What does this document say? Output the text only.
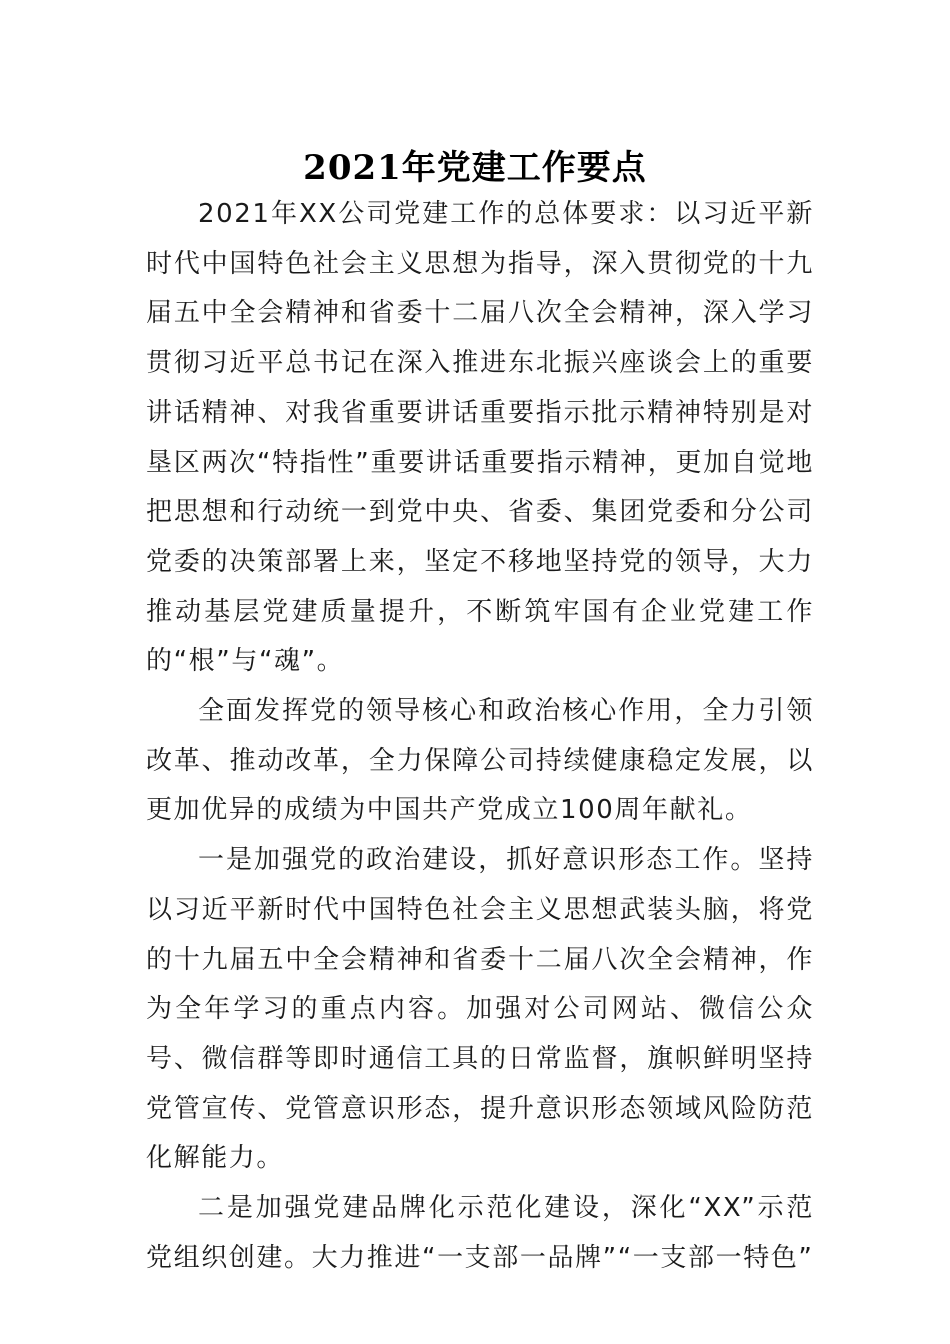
2021年党建工作要点

2021年XX公司党建工作的总体要求：以习近平新时代中国特色社会主义思想为指导，深入贯彻党的十九届五中全会精神和省委十二届八次全会精神，深入学习贯彻习近平总书记在深入推进东北振兴座谈会上的重要讲话精神、对我省重要讲话重要指示批示精神特别是对垦区两次“特指性”重要讲话重要指示精神，更加自觉地把思想和行动统一到党中央、省委、集团党委和分公司党委的决策部署上来，坚定不移地坚持党的领导，大力推动基层党建质量提升，不断筑牢国有企业党建工作的“根”与“魂”。

全面发挥党的领导核心和政治核心作用，全力引领改革、推动改革，全力保障公司持续健康稳定发展，以更加优异的成绩为中国共产党成立100周年献礼。

一是加强党的政治建设，抓好意识形态工作。坚持以习近平新时代中国特色社会主义思想武装头脑，将党的十九届五中全会精神和省委十二届八次全会精神，作为全年学习的重点内容。加强对公司网站、微信公众号、微信群等即时通信工具的日常监督，旗帜鲜明坚持党管宣传、党管意识形态，提升意识形态领域风险防范化解能力。

二是加强党建品牌化示范化建设，深化“XX”示范党组织创建。大力推进“一支部一品牌”“一支部一特色”
